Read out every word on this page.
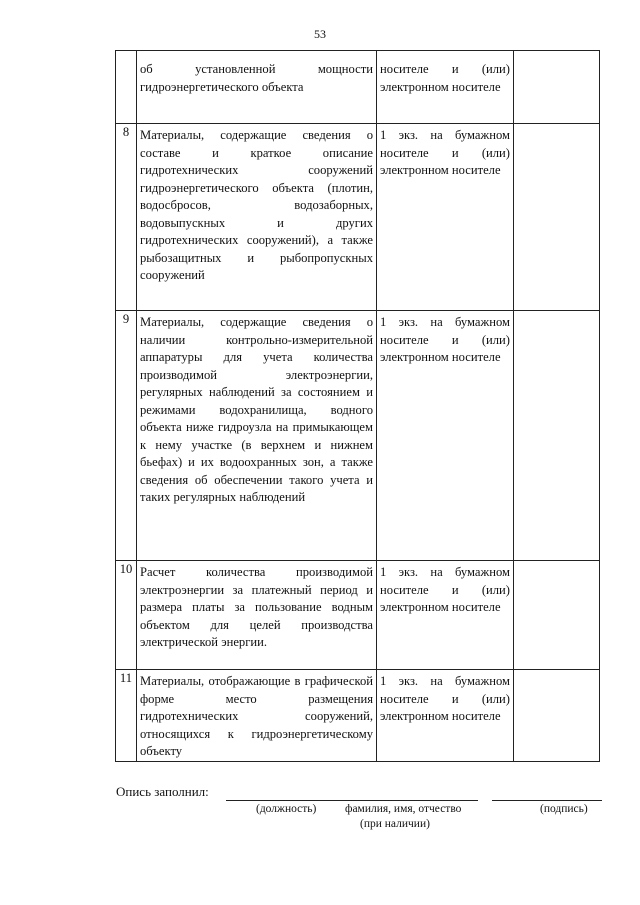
53
	об установленной мощности гидроэнергетического объекта	носителе и (или) электронном носителе	
8	Материалы, содержащие сведения о составе и краткое описание гидротехнических сооружений гидроэнергетического объекта (плотин, водосбросов, водозаборных, водовыпускных и других гидротехнических сооружений), а также рыбозащитных и рыбопропускных сооружений	1 экз. на бумажном носителе и (или) электронном носителе	
9	Материалы, содержащие сведения о наличии контрольно-измерительной аппаратуры для учета количества производимой электроэнергии, регулярных наблюдений за состоянием и режимами водохранилища, водного объекта ниже гидроузла на примыкающем к нему участке (в верхнем и нижнем бьефах) и их водоохранных зон, а также сведения об обеспечении такого учета и таких регулярных наблюдений	1 экз. на бумажном носителе и (или) электронном носителе	
10	Расчет количества производимой электроэнергии за платежный период и размера платы за пользование водным объектом для целей производства электрической энергии.	1 экз. на бумажном носителе и (или) электронном носителе	
11	Материалы, отображающие в графической форме место размещения гидротехнических сооружений, относящихся к гидроэнергетическому объекту	1 экз. на бумажном носителе и (или) электронном носителе	
Опись заполнил:
(должность) фамилия, имя, отчество
(при наличии)
(подпись)
